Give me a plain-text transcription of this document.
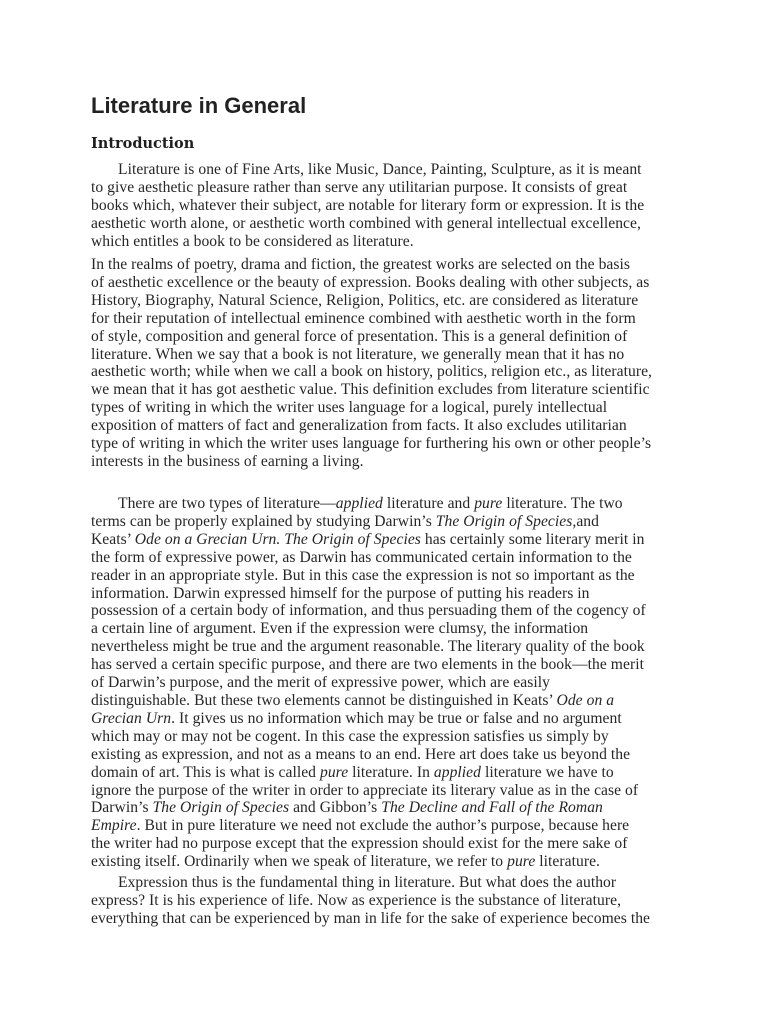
Literature in General
Introduction
Literature is one of Fine Arts, like Music, Dance, Painting, Sculpture, as it is meant
to give aesthetic pleasure rather than serve any utilitarian purpose. It consists of great
books which, whatever their subject, are notable for literary form or expression. It is the
aesthetic worth alone, or aesthetic worth combined with general intellectual excellence,
which entitles a book to be considered as literature.
In the realms of poetry, drama and fiction, the greatest works are selected on the basis
of aesthetic excellence or the beauty of expression. Books dealing with other subjects, as
History, Biography, Natural Science, Religion, Politics, etc. are considered as literature
for their reputation of intellectual eminence combined with aesthetic worth in the form
of style, composition and general force of presentation. This is a general definition of
literature. When we say that a book is not literature, we generally mean that it has no
aesthetic worth; while when we call a book on history, politics, religion etc., as literature,
we mean that it has got aesthetic value. This definition excludes from literature scientific
types of writing in which the writer uses language for a logical, purely intellectual
exposition of matters of fact and generalization from facts. It also excludes utilitarian
type of writing in which the writer uses language for furthering his own or other people’s
interests in the business of earning a living.
There are two types of literature—applied literature and pure literature. The two
terms can be properly explained by studying Darwin’s The Origin of Species,and
Keats’ Ode on a Grecian Urn. The Origin of Species has certainly some literary merit in
the form of expressive power, as Darwin has communicated certain information to the
reader in an appropriate style. But in this case the expression is not so important as the
information. Darwin expressed himself for the purpose of putting his readers in
possession of a certain body of information, and thus persuading them of the cogency of
a certain line of argument. Even if the expression were clumsy, the information
nevertheless might be true and the argument reasonable. The literary quality of the book
has served a certain specific purpose, and there are two elements in the book—the merit
of Darwin’s purpose, and the merit of expressive power, which are easily
distinguishable. But these two elements cannot be distinguished in Keats’ Ode on a
Grecian Urn. It gives us no information which may be true or false and no argument
which may or may not be cogent. In this case the expression satisfies us simply by
existing as expression, and not as a means to an end. Here art does take us beyond the
domain of art. This is what is called pure literature. In applied literature we have to
ignore the purpose of the writer in order to appreciate its literary value as in the case of
Darwin’s The Origin of Species and Gibbon’s The Decline and Fall of the Roman
Empire. But in pure literature we need not exclude the author’s purpose, because here
the writer had no purpose except that the expression should exist for the mere sake of
existing itself. Ordinarily when we speak of literature, we refer to pure literature.
Expression thus is the fundamental thing in literature. But what does the author
express? It is his experience of life. Now as experience is the substance of literature,
everything that can be experienced by man in life for the sake of experience becomes the
